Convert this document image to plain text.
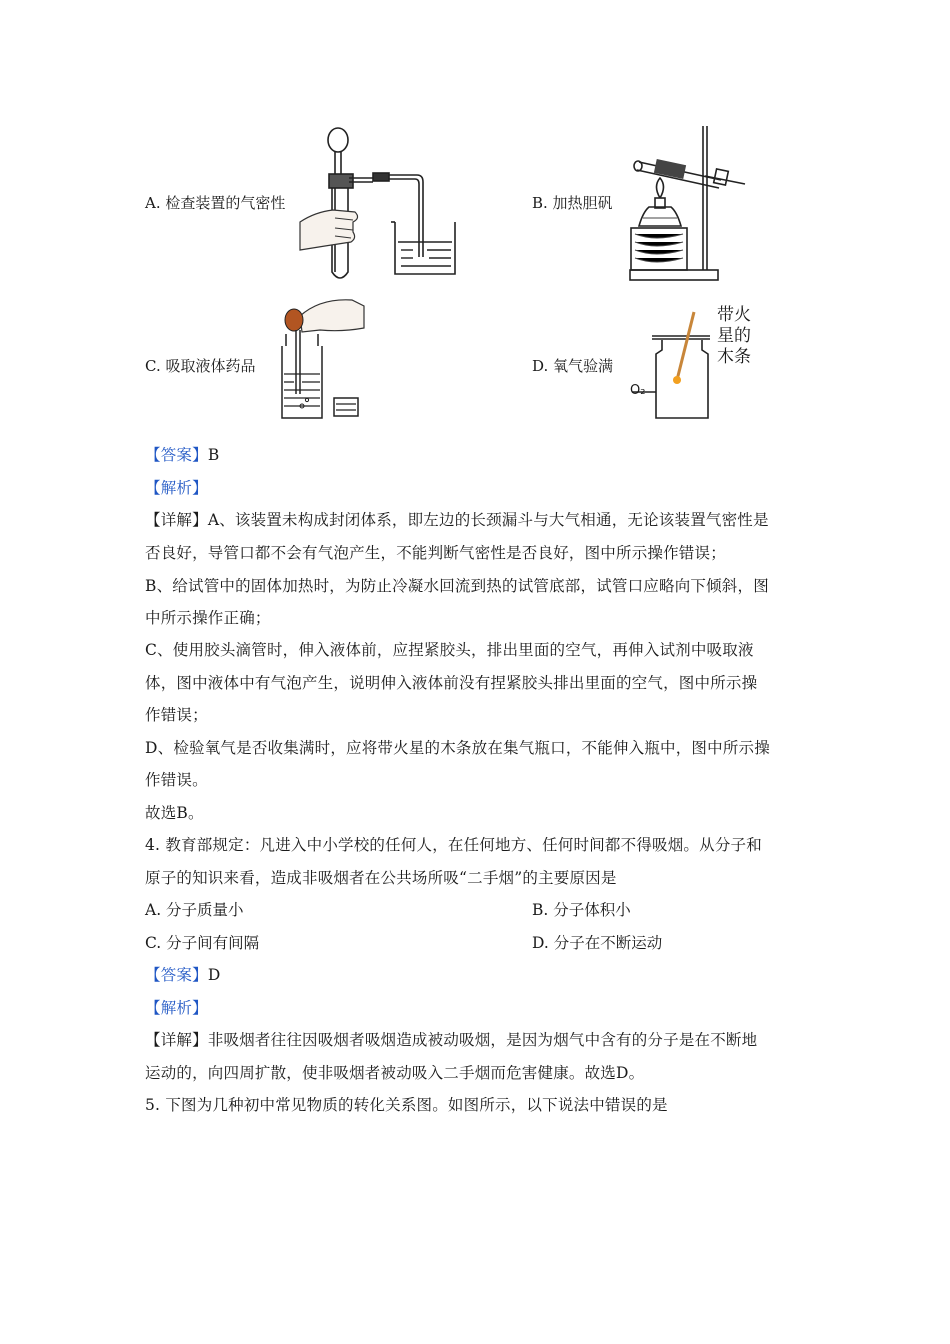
A. 检查装置的气密性	B. 加热胆矾
C. 吸取液体药品	D. 氧气验满
带火
星的
木条
O₂
【答案】B
【解析】
【详解】A、该装置未构成封闭体系，即左边的长颈漏斗与大气相通，无论该装置气密性是
否良好，导管口都不会有气泡产生，不能判断气密性是否良好，图中所示操作错误；
B、给试管中的固体加热时，为防止冷凝水回流到热的试管底部，试管口应略向下倾斜，图
中所示操作正确；
C、使用胶头滴管时，伸入液体前，应捏紧胶头，排出里面的空气，再伸入试剂中吸取液
体，图中液体中有气泡产生，说明伸入液体前没有捏紧胶头排出里面的空气，图中所示操
作错误；
D、检验氧气是否收集满时，应将带火星的木条放在集气瓶口，不能伸入瓶中，图中所示操
作错误。
故选B。
4. 教育部规定：凡进入中小学校的任何人，在任何地方、任何时间都不得吸烟。从分子和
原子的知识来看，造成非吸烟者在公共场所吸“二手烟”的主要原因是
A. 分子质量小	B. 分子体积小
C. 分子间有间隔	D. 分子在不断运动
【答案】D
【解析】
【详解】非吸烟者往往因吸烟者吸烟造成被动吸烟，是因为烟气中含有的分子是在不断地
运动的，向四周扩散，使非吸烟者被动吸入二手烟而危害健康。故选D。
5. 下图为几种初中常见物质的转化关系图。如图所示，以下说法中错误的是
